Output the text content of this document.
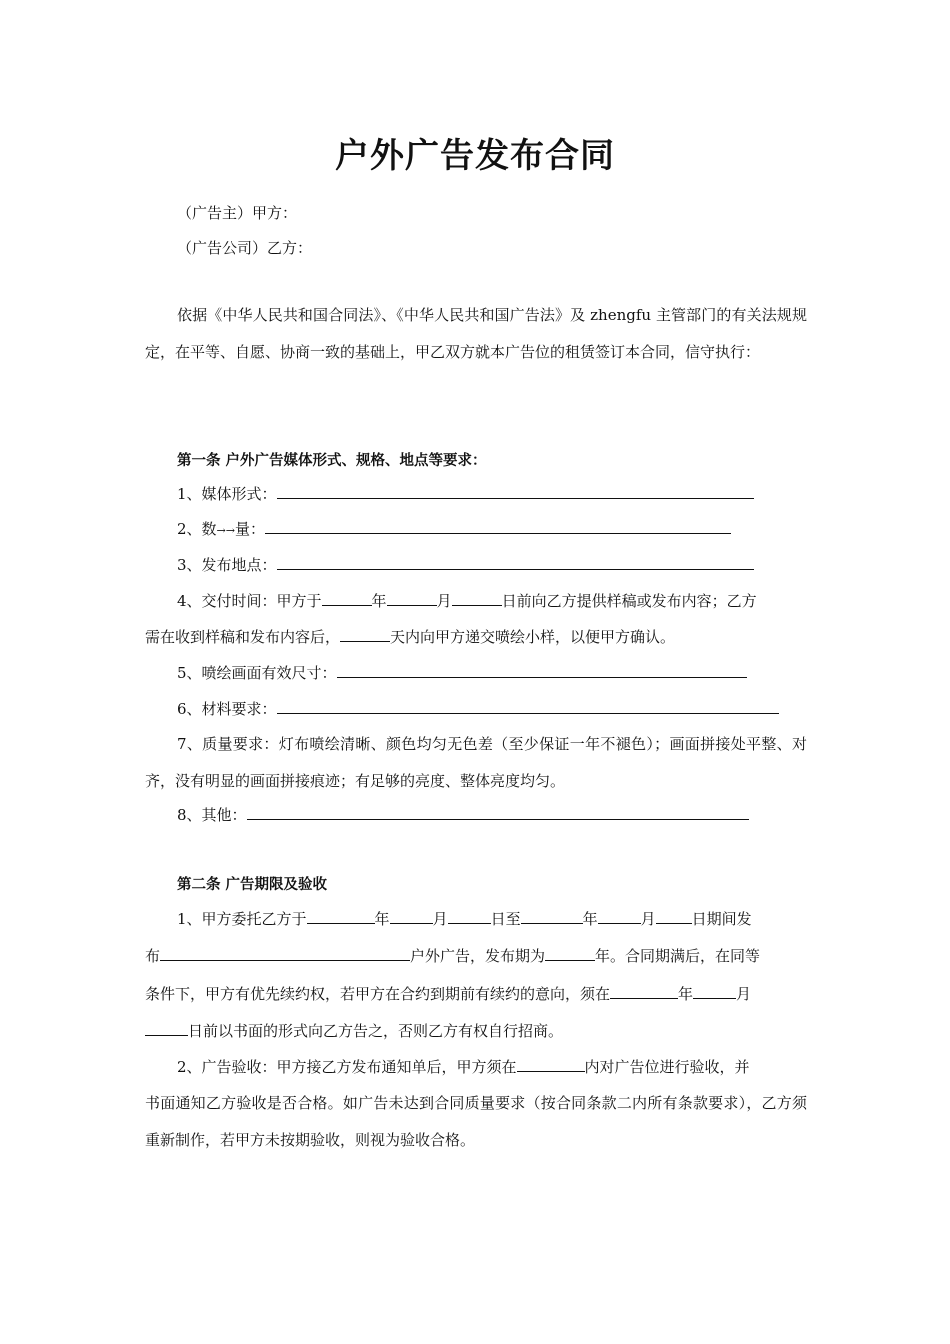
户外广告发布合同
（广告主）甲方：
（广告公司）乙方：
依据《中华人民共和国合同法》、《中华人民共和国广告法》及 zhengfu 主管部门的有关法规规定，在平等、自愿、协商一致的基础上，甲乙双方就本广告位的租赁签订本合同，信守执行：
第一条 户外广告媒体形式、规格、地点等要求：
1、媒体形式：
2、数→→量：
3、发布地点：
4、交付时间：甲方于	年	月	日前向乙方提供样稿或发布内容；乙方
需在收到样稿和发布内容后，	天内向甲方递交喷绘小样，以便甲方确认。
5、喷绘画面有效尺寸：
6、材料要求：
7、质量要求：灯布喷绘清晰、颜色均匀无色差（至少保证一年不褪色）；画面拼接处平整、对齐，没有明显的画面拼接痕迹；有足够的亮度、整体亮度均匀。
8、其他：
第二条 广告期限及验收
1、甲方委托乙方于	年	月	日至	年	月 日期间发
布	户外广告，发布期为	年。合同期满后，在同等
条件下，甲方有优先续约权，若甲方在合约到期前有续约的意向，须在	年	月
日前以书面的形式向乙方告之，否则乙方有权自行招商。
2、广告验收：甲方接乙方发布通知单后，甲方须在	内对广告位进行验收，并
书面通知乙方验收是否合格。如广告未达到合同质量要求（按合同条款二内所有条款要求），乙方须重新制作，若甲方未按期验收，则视为验收合格。
